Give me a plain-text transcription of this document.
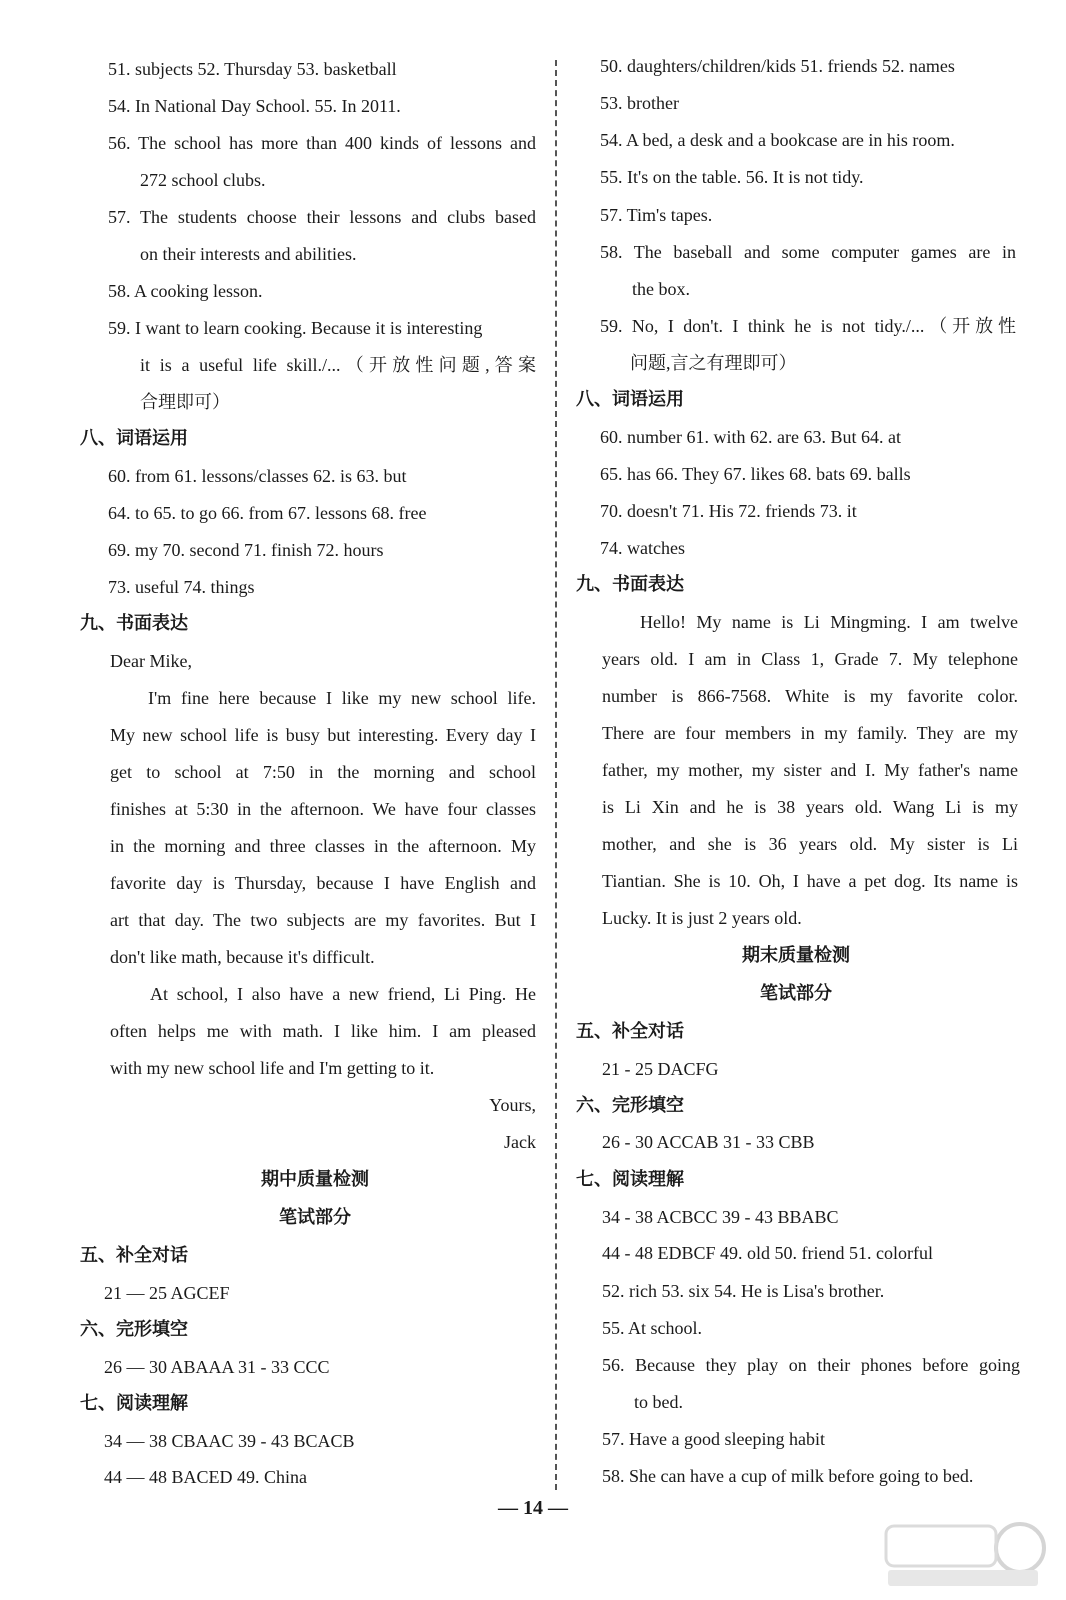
51. subjects 52. Thursday 53. basketball
54. In National Day School. 55. In 2011.
56. The school has more than 400 kinds of lessons and
272 school clubs.
57. The students choose their lessons and clubs based
on their interests and abilities.
58. A cooking lesson.
59. I want to learn cooking. Because it is interesting
it is a useful life skill./...（开放性问题,答案
合理即可）
八、词语运用
60. from 61. lessons/classes 62. is 63. but
64. to 65. to go 66. from 67. lessons 68. free
69. my 70. second 71. finish 72. hours
73. useful 74. things
九、书面表达
Dear Mike,
I'm fine here because I like my new school life.
My new school life is busy but interesting. Every day I
get to school at 7:50 in the morning and school
finishes at 5:30 in the afternoon. We have four classes
in the morning and three classes in the afternoon. My
favorite day is Thursday, because I have English and
art that day. The two subjects are my favorites. But I
don't like math, because it's difficult.
At school, I also have a new friend, Li Ping. He
often helps me with math. I like him. I am pleased
with my new school life and I'm getting to it.
Yours,
Jack
期中质量检测
笔试部分
五、补全对话
21 — 25 AGCEF
六、完形填空
26 — 30 ABAAA 31 - 33 CCC
七、阅读理解
34 — 38 CBAAC 39 - 43 BCACB
44 — 48 BACED 49. China
50. daughters/children/kids 51. friends 52. names
53. brother
54. A bed, a desk and a bookcase are in his room.
55. It's on the table. 56. It is not tidy.
57. Tim's tapes.
58. The baseball and some computer games are in
the box.
59. No, I don't. I think he is not tidy./...（开放性
问题,言之有理即可）
八、词语运用
60. number 61. with 62. are 63. But 64. at
65. has 66. They 67. likes 68. bats 69. balls
70. doesn't 71. His 72. friends 73. it
74. watches
九、书面表达
Hello! My name is Li Mingming. I am twelve
years old. I am in Class 1, Grade 7. My telephone
number is 866-7568. White is my favorite color.
There are four members in my family. They are my
father, my mother, my sister and I. My father's name
is Li Xin and he is 38 years old. Wang Li is my
mother, and she is 36 years old. My sister is Li
Tiantian. She is 10. Oh, I have a pet dog. Its name is
Lucky. It is just 2 years old.
期末质量检测
笔试部分
五、补全对话
21 - 25 DACFG
六、完形填空
26 - 30 ACCAB 31 - 33 CBB
七、阅读理解
34 - 38 ACBCC 39 - 43 BBABC
44 - 48 EDBCF 49. old 50. friend 51. colorful
52. rich 53. six 54. He is Lisa's brother.
55. At school.
56. Because they play on their phones before going
to bed.
57. Have a good sleeping habit
58. She can have a cup of milk before going to bed.
— 14 —
